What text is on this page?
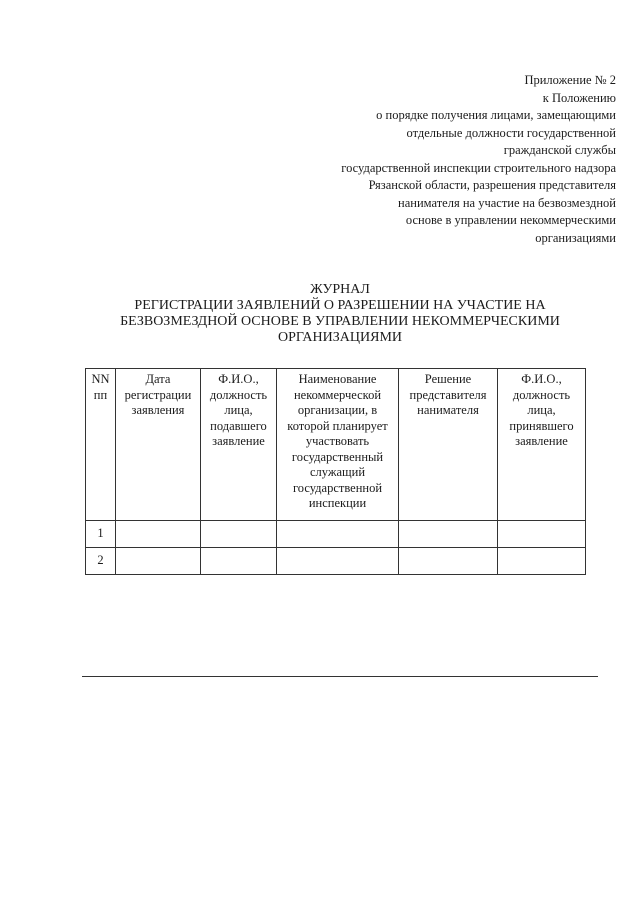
Приложение № 2
к Положению
о порядке получения лицами, замещающими
отдельные должности государственной
гражданской службы
государственной инспекции строительного надзора
Рязанской области, разрешения представителя
нанимателя на участие на безвозмездной
основе в управлении некоммерческими
организациями
ЖУРНАЛ
РЕГИСТРАЦИИ ЗАЯВЛЕНИЙ О РАЗРЕШЕНИИ НА УЧАСТИЕ НА
БЕЗВОЗМЕЗДНОЙ ОСНОВЕ В УПРАВЛЕНИИ НЕКОММЕРЧЕСКИМИ
ОРГАНИЗАЦИЯМИ
NN пп	Дата регистрации заявления	Ф.И.О., должность лица, подавшего заявление	Наименование некоммерческой организации, в которой планирует участвовать государственный служащий государственной инспекции	Решение представителя нанимателя	Ф.И.О., должность лица, принявшего заявление
1					
2					
